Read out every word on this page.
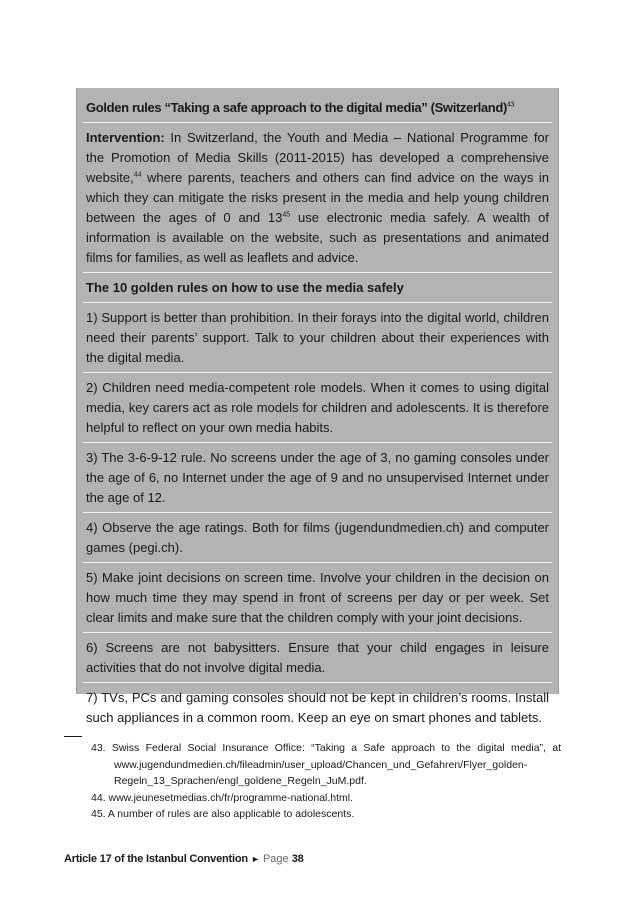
Golden rules “Taking a safe approach to the digital media” (Switzerland)$^{43}$
Intervention: In Switzerland, the Youth and Media – National Programme for the Promotion of Media Skills (2011-2015) has developed a comprehensive website,$^{44}$ where parents, teachers and others can find advice on the ways in which they can mitigate the risks present in the media and help young children between the ages of 0 and $13^{45}$ use electronic media safely. A wealth of information is available on the website, such as presentations and animated films for families, as well as leaflets and advice.
The 10 golden rules on how to use the media safely
1) Support is better than prohibition. In their forays into the digital world, children need their parents’ support. Talk to your children about their experiences with the digital media.
2) Children need media-competent role models. When it comes to using digital media, key carers act as role models for children and adolescents. It is therefore helpful to reflect on your own media habits.
3) The 3-6-9-12 rule. No screens under the age of 3, no gaming consoles under the age of 6, no Internet under the age of 9 and no unsupervised Internet under the age of 12.
4) Observe the age ratings. Both for films (jugendundmedien.ch) and computer games (pegi.ch).
5) Make joint decisions on screen time. Involve your children in the decision on how much time they may spend in front of screens per day or per week. Set clear limits and make sure that the children comply with your joint decisions.
6) Screens are not babysitters. Ensure that your child engages in leisure activities that do not involve digital media.
7) TVs, PCs and gaming consoles should not be kept in children’s rooms. Install such appliances in a common room. Keep an eye on smart phones and tablets.
43. Swiss Federal Social Insurance Office: “Taking a Safe approach to the digital media”, at www.jugendundmedien.ch/fileadmin/user_upload/Chancen_und_Gefahren/Flyer_golden-Regeln_13_Sprachen/engl_goldene_Regeln_JuM.pdf.
44. www.jeunesetmedias.ch/fr/programme-national.html.
45. A number of rules are also applicable to adolescents.
Article 17 of the Istanbul Convention ► Page 38
